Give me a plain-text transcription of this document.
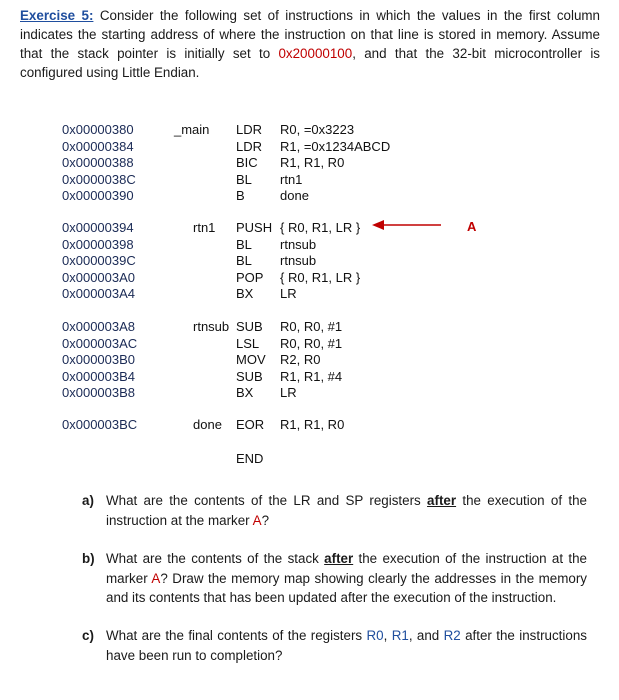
Exercise 5: Consider the following set of instructions in which the values in the first column indicates the starting address of where the instruction on that line is stored in memory. Assume that the stack pointer is initially set to 0x20000100, and that the 32-bit microcontroller is configured using Little Endian.
0x00000380
0x00000384
0x00000388
0x0000038C
0x00000390
_main LDR
LDR
BIC
BL
B
R0, =0x3223
R1, =0x1234ABCD
R1, R1, R0
rtn1
done
0x00000394
0x00000398
0x0000039C
0x000003A0
0x000003A4
rtn1 PUSH
BL
BL
POP
BX
{ R0, R1, LR }
rtnsub
rtnsub
{ R0, R1, LR }
LR
A
0x000003A8
0x000003AC
0x000003B0
0x000003B4
0x000003B8
rtnsub SUB
LSL
MOV
SUB
BX
R0, R0, #1
R0, R0, #1
R2, R0
R1, R1, #4
LR
0x000003BC	done EOR R1, R1, R0
END
a) What are the contents of the LR and SP registers after the execution of the instruction at the marker A?
b) What are the contents of the stack after the execution of the instruction at the marker A? Draw the memory map showing clearly the addresses in the memory and its contents that has been updated after the execution of the instruction.
c) What are the final contents of the registers R0, R1, and R2 after the instructions have been run to completion?
